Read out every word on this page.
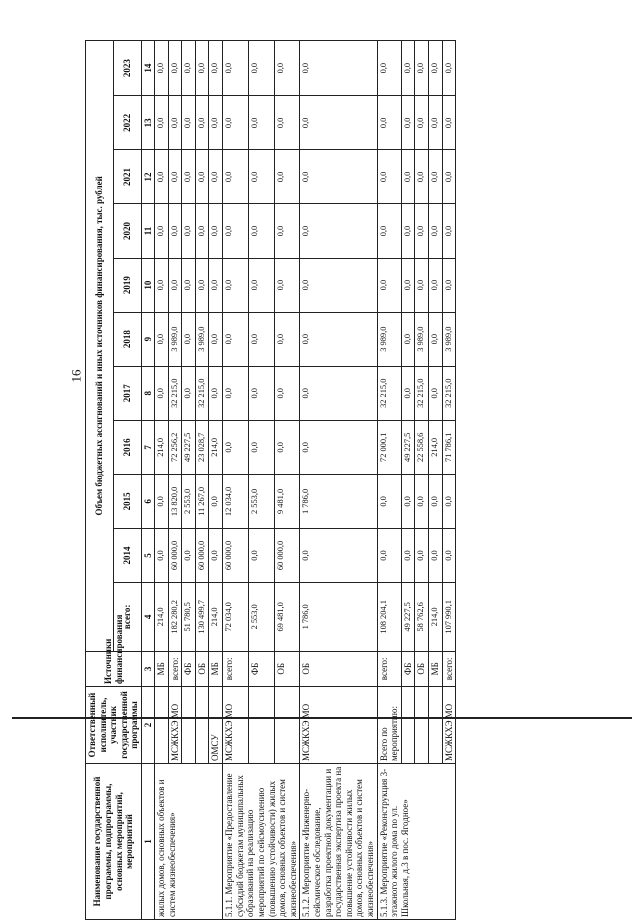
16
Наименование государственной программы, подпрограммы, основных мероприятий, мероприятий	Ответственный исполнитель, участник государственной программы	Источники финансирования	Объем бюджетных ассигнований и иных источников финансирования, тыс. рублей										
			всего:	2014	2015	2016	2017	2018	2019	2020	2021	2022	2023
1	2	3	4	5	6	7	8	9	10	11	12	13	14
жилых домов, основных объектов и систем жизнеобеспечения»		МБ	214,0	0,0	0,0	214,0	0,0	0,0	0,0	0,0	0,0	0,0	0,0
	МСЖКХЭ МО	всего:	182 280,2	60 000,0	13 820,0	72 256,2	32 215,0	3 989,0	0,0	0,0	0,0	0,0	0,0
		ФБ	51 780,5	0,0	2 553,0	49 227,5	0,0	0,0	0,0	0,0	0,0	0,0	0,0
		ОБ	130 499,7	60 000,0	11 267,0	23 028,7	32 215,0	3 989,0	0,0	0,0	0,0	0,0	0,0
	ОМСУ	МБ	214,0	0,0	0,0	214,0	0,0	0,0	0,0	0,0	0,0	0,0	0,0
5.1.1. Мероприятие «Предоставление субсидий бюджетам муниципальных образований на реализацию мероприятий по сейсмоусилению (повышению устойчивости) жилых домов, основных объектов и систем жизнеобеспечения»	МСЖКХЭ МО	всего:	72 034,0	60 000,0	12 034,0	0,0	0,0	0,0	0,0	0,0	0,0	0,0	0,0
		ФБ	2 553,0	0,0	2 553,0	0,0	0,0	0,0	0,0	0,0	0,0	0,0	0,0
		ОБ	69 481,0	60 000,0	9 481,0	0,0	0,0	0,0	0,0	0,0	0,0	0,0	0,0
5.1.2. Мероприятие «Инженерно-сейсмическое обследование, разработка проектной документации и государственная экспертиза проекта на повышение устойчивости жилых домов, основных объектов и систем жизнеобеспечения»	МСЖКХЭ МО	ОБ	1 786,0	0,0	1 786,0	0,0	0,0	0,0	0,0	0,0	0,0	0,0	0,0
5.1.3. Мероприятие «Реконструкция 3-этажного жилого дома по ул. Школьная, д.3 в пос. Ягодное»	Всего по мероприятию:	всего:	108 204,1	0,0	0,0	72 000,1	32 215,0	3 989,0	0,0	0,0	0,0	0,0	0,0
		ФБ	49 227,5	0,0	0,0	49 227,5	0,0	0,0	0,0	0,0	0,0	0,0	0,0
		ОБ	58 762,6	0,0	0,0	22 558,6	32 215,0	3 989,0	0,0	0,0	0,0	0,0	0,0
		МБ	214,0	0,0	0,0	214,0	0,0	0,0	0,0	0,0	0,0	0,0	0,0
	МСЖКХЭ МО	всего:	107 990,1	0,0	0,0	71 786,1	32 215,0	3 989,0	0,0	0,0	0,0	0,0	0,0
